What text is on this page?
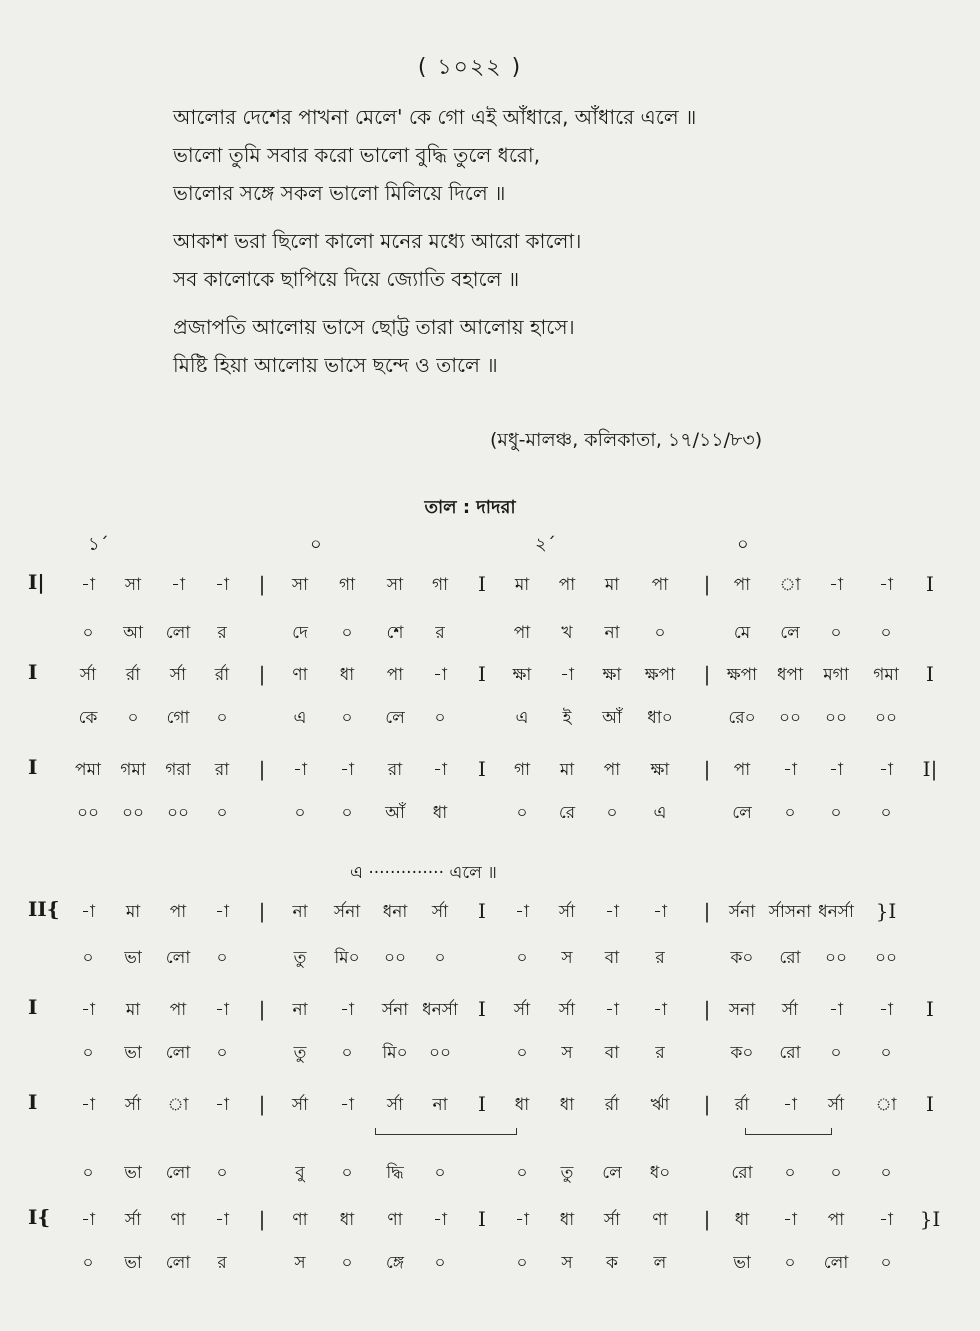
( ১০২২ )

আলোর দেশের পাখনা মেলে' কে গো এই আঁধারে, আঁধারে এলে ॥

ভালো তুমি সবার করো ভালো বুদ্ধি তুলে ধরো,

ভালোর সঙ্গে সকল ভালো মিলিয়ে দিলে ॥

আকাশ ভরা ছিলো কালো মনের মধ্যে আরো কালো।

সব কালোকে ছাপিয়ে দিয়ে জ্যোতি বহালে ॥

প্রজাপতি আলোয় ভাসে ছোট্ট তারা আলোয় হাসে।

মিষ্টি হিয়া আলোয় ভাসে ছন্দে ও তালে ॥

(মধু-মালঞ্চ, কলিকাতা, ১৭/১১/৮৩)
তাল : দাদরা
১´	০	২´	০
I| -া সা -া -া | সা গা সা গা I মা পা মা পা | পা া -া -া I
০ আ লো র	দে ০ শে র	পা খ না ০	মে লে ০ ০
I	র্সা র্রা র্সা র্রা | ণা ধা পা -া I ক্ষা -া ক্ষা ক্ষপা | ক্ষপা ধপা মগা গমা I
কে ০ গো ০	এ ০ লে ০	এ ই আঁ ধা০	রে০ ০০ ০০ ০০
I পমা গমা গরা রা | -া -া রা -া I গা মা পা ক্ষা | পা -া -া -া I|
০০ ০০ ০০ ০	০ ০ আঁ ধা	০ রে ০ এ	লে ০ ০ ০
II{ -া মা পা -া | না র্সনা ধনা র্সা I -া র্সা -া -া | র্সনা র্সাসনা ধনর্সা }I
০ ভা লো ০	তু মি০ ০০ ০	০ স বা র	ক০ রো ০০ ০০
I	-া মা পা -া | না -া র্সনা ধনর্সা I র্সা র্সা -া -া | সনা র্সা -া -া I
০ ভা লো ০	তু ০ মি০ ০০	০ স বা র	ক০ রো ০ ০
I	-া র্সা া -া | র্সা -া র্সা না I ধা ধা র্রা র্ঋা | র্রা -া র্সা া I
০ ভা লো ০	বু ০ দ্ধি ০	০ তু লে ধ০	রো ০ ০ ০
I{ -া র্সা ণা -া | ণা ধা ণা -া I -া ধা র্সা ণা | ধা -া পা -া }I
০ ভা লো র	স ০ ঙ্গে ০	০ স ক ল	ভা ০ লো ০
এ ·············· এলে ॥
